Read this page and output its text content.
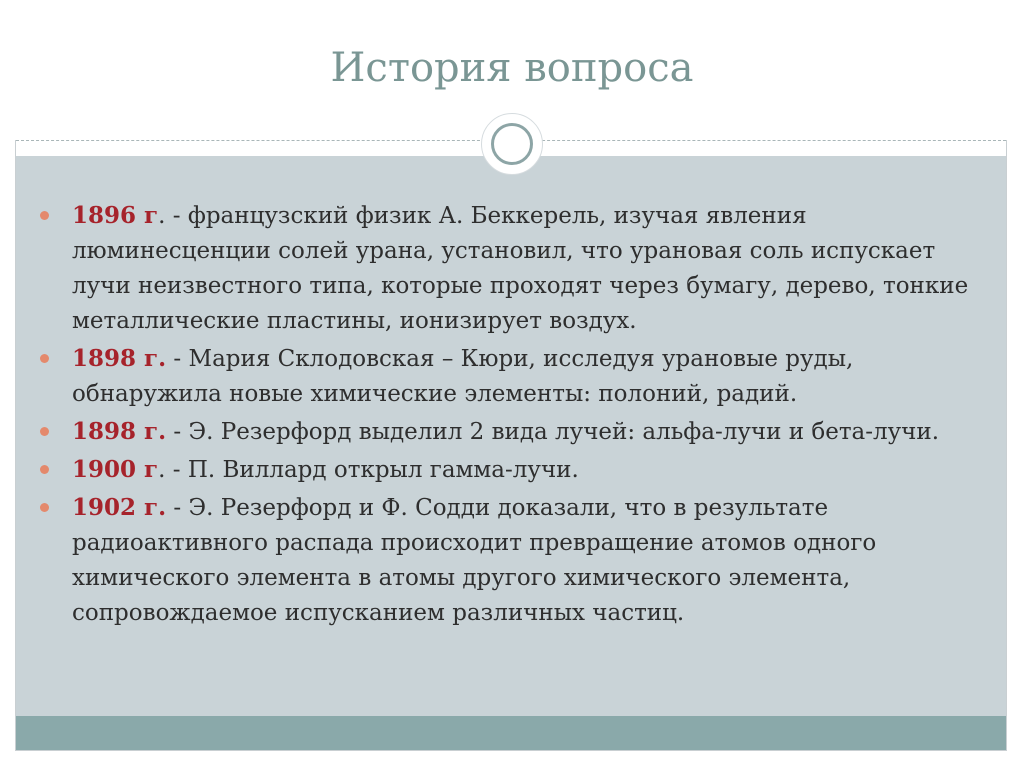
История вопроса
1896 г. - французский физик А. Беккерель, изучая явления люминесценции солей урана, установил, что урановая соль испускает лучи неизвестного типа, которые проходят через бумагу, дерево, тонкие металлические пластины, ионизирует воздух.
1898 г. - Мария Склодовская – Кюри, исследуя урановые руды, обнаружила новые химические элементы: полоний, радий.
1898 г. - Э. Резерфорд выделил 2 вида лучей: альфа-лучи и бета-лучи.
1900 г. - П. Виллард открыл гамма-лучи.
1902 г. - Э. Резерфорд и Ф. Содди доказали, что в результате радиоактивного распада происходит превращение атомов одного химического элемента в атомы другого химического элемента, сопровождаемое испусканием различных частиц.
